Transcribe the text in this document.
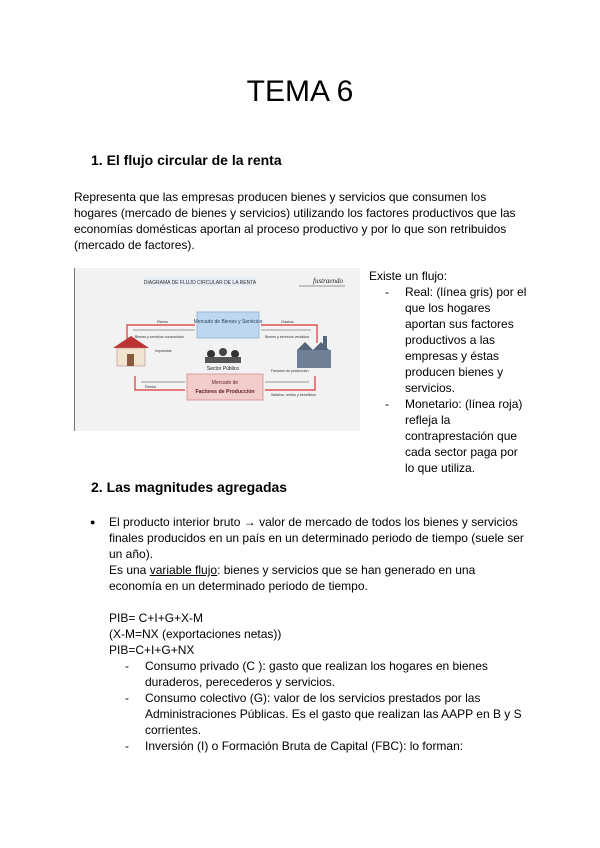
TEMA 6
1. El flujo circular de la renta
Representa que las empresas producen bienes y servicios que consumen los hogares (mercado de bienes y servicios) utilizando los factores productivos que las economías domésticas aportan al proceso productivo y por lo que son retribuidos (mercado de factores).
DIAGRAMA DE FLUJO CIRCULAR DE LA RENTA	fustraendo
Mercado de Bienes y Servicios
Mercado de
Factores de Producción
Sector Público
Renta
Bienes y servicios consumidos
Impuestos
Gastos
Bienes y servicios vendidos
Renta
Factores de producción
Salarios, rentas y beneficios
Existe un flujo:
- Real: (línea gris) por el que los hogares aportan sus factores productivos a las empresas y éstas producen bienes y servicios.
- Monetario: (línea roja) refleja la contraprestación que cada sector paga por lo que utiliza.
2. Las magnitudes agregadas
● El producto interior bruto → valor de mercado de todos los bienes y servicios finales producidos en un país en un determinado periodo de tiempo (suele ser un año).
Es una variable flujo: bienes y servicios que se han generado en una economía en un determinado periodo de tiempo.
PIB= C+I+G+X-M
(X-M=NX (exportaciones netas))
PIB=C+I+G+NX
- Consumo privado (C ): gasto que realizan los hogares en bienes duraderos, perecederos y servicios.
- Consumo colectivo (G): valor de los servicios prestados por las Administraciones Públicas. Es el gasto que realizan las AAPP en B y S corrientes.
- Inversión (I) o Formación Bruta de Capital (FBC): lo forman:
